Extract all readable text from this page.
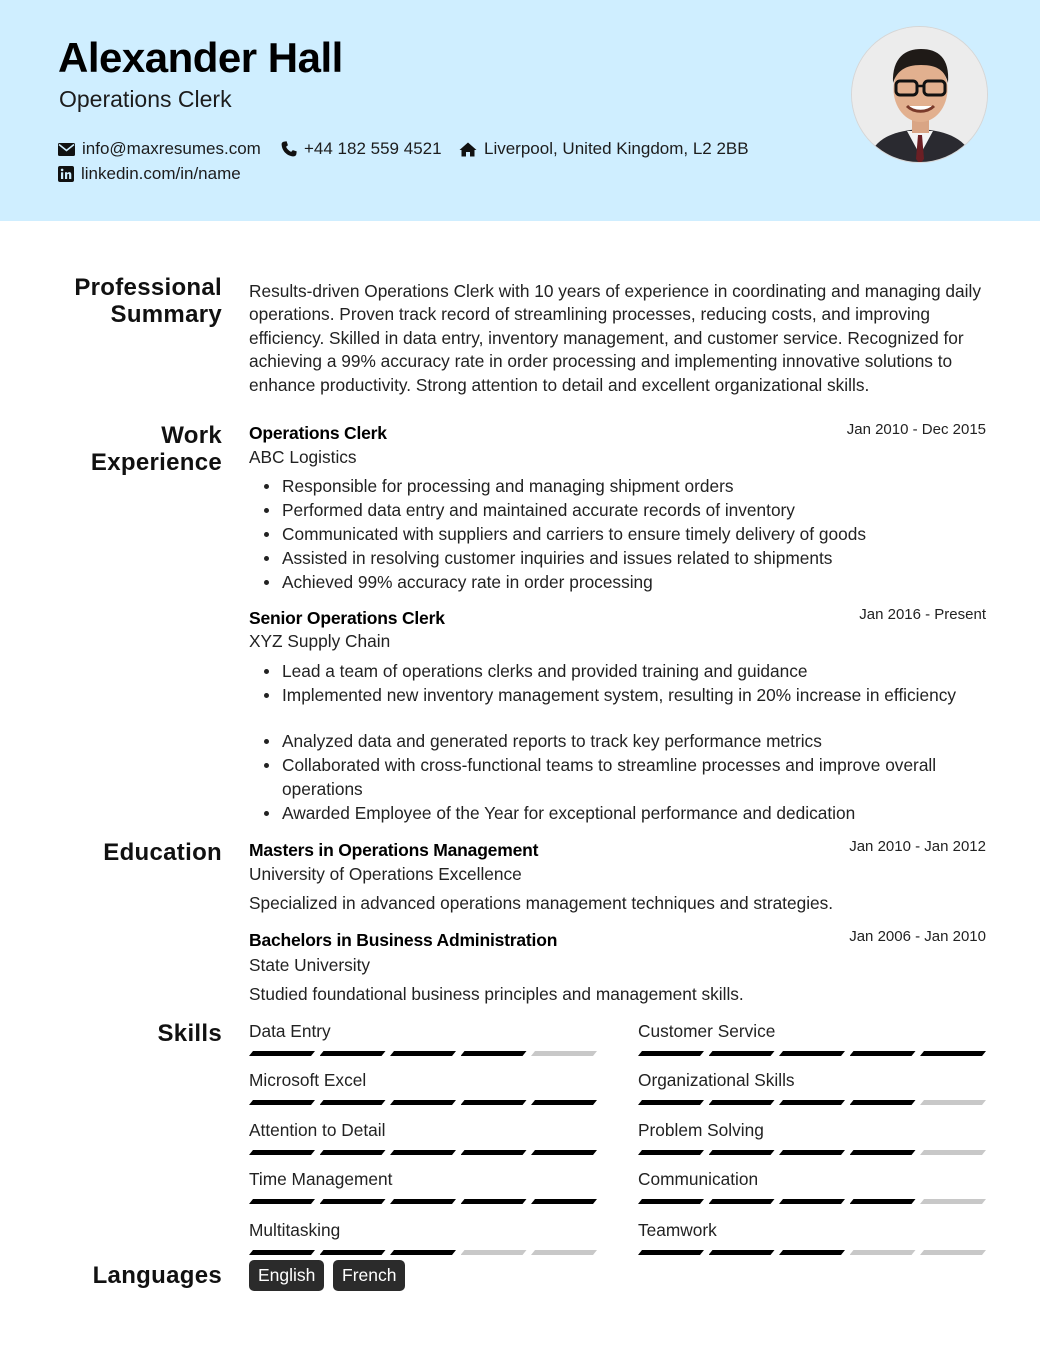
Alexander Hall
Operations Clerk
info@maxresumes.com	+44 182 559 4521 Liverpool, United Kingdom, L2 2BB
linkedin.com/in/name
Professional
Summary
Work
Experience
Education
Skills
Languages
Results-driven Operations Clerk with 10 years of experience in coordinating and managing daily operations. Proven track record of streamlining processes, reducing costs, and improving efficiency. Skilled in data entry, inventory management, and customer service. Recognized for achieving a 99% accuracy rate in order processing and implementing innovative solutions to enhance productivity. Strong attention to detail and excellent organizational skills.
Operations Clerk	Jan 2010 - Dec 2015
ABC Logistics
Responsible for processing and managing shipment orders
Performed data entry and maintained accurate records of inventory
Communicated with suppliers and carriers to ensure timely delivery of goods
Assisted in resolving customer inquiries and issues related to shipments
Achieved 99% accuracy rate in order processing
Senior Operations Clerk	Jan 2016 - Present
XYZ Supply Chain
Lead a team of operations clerks and provided training and guidance
Implemented new inventory management system, resulting in 20% increase in efficiency
Analyzed data and generated reports to track key performance metrics
Collaborated with cross-functional teams to streamline processes and improve overall operations
Awarded Employee of the Year for exceptional performance and dedication
Masters in Operations Management	Jan 2010 - Jan 2012
University of Operations Excellence
Specialized in advanced operations management techniques and strategies.
Bachelors in Business Administration	Jan 2006 - Jan 2010
State University
Studied foundational business principles and management skills.
Data Entry	Customer Service
Microsoft Excel	Organizational Skills
Attention to Detail	Problem Solving
Time Management	Communication
Multitasking	Teamwork
English	French
